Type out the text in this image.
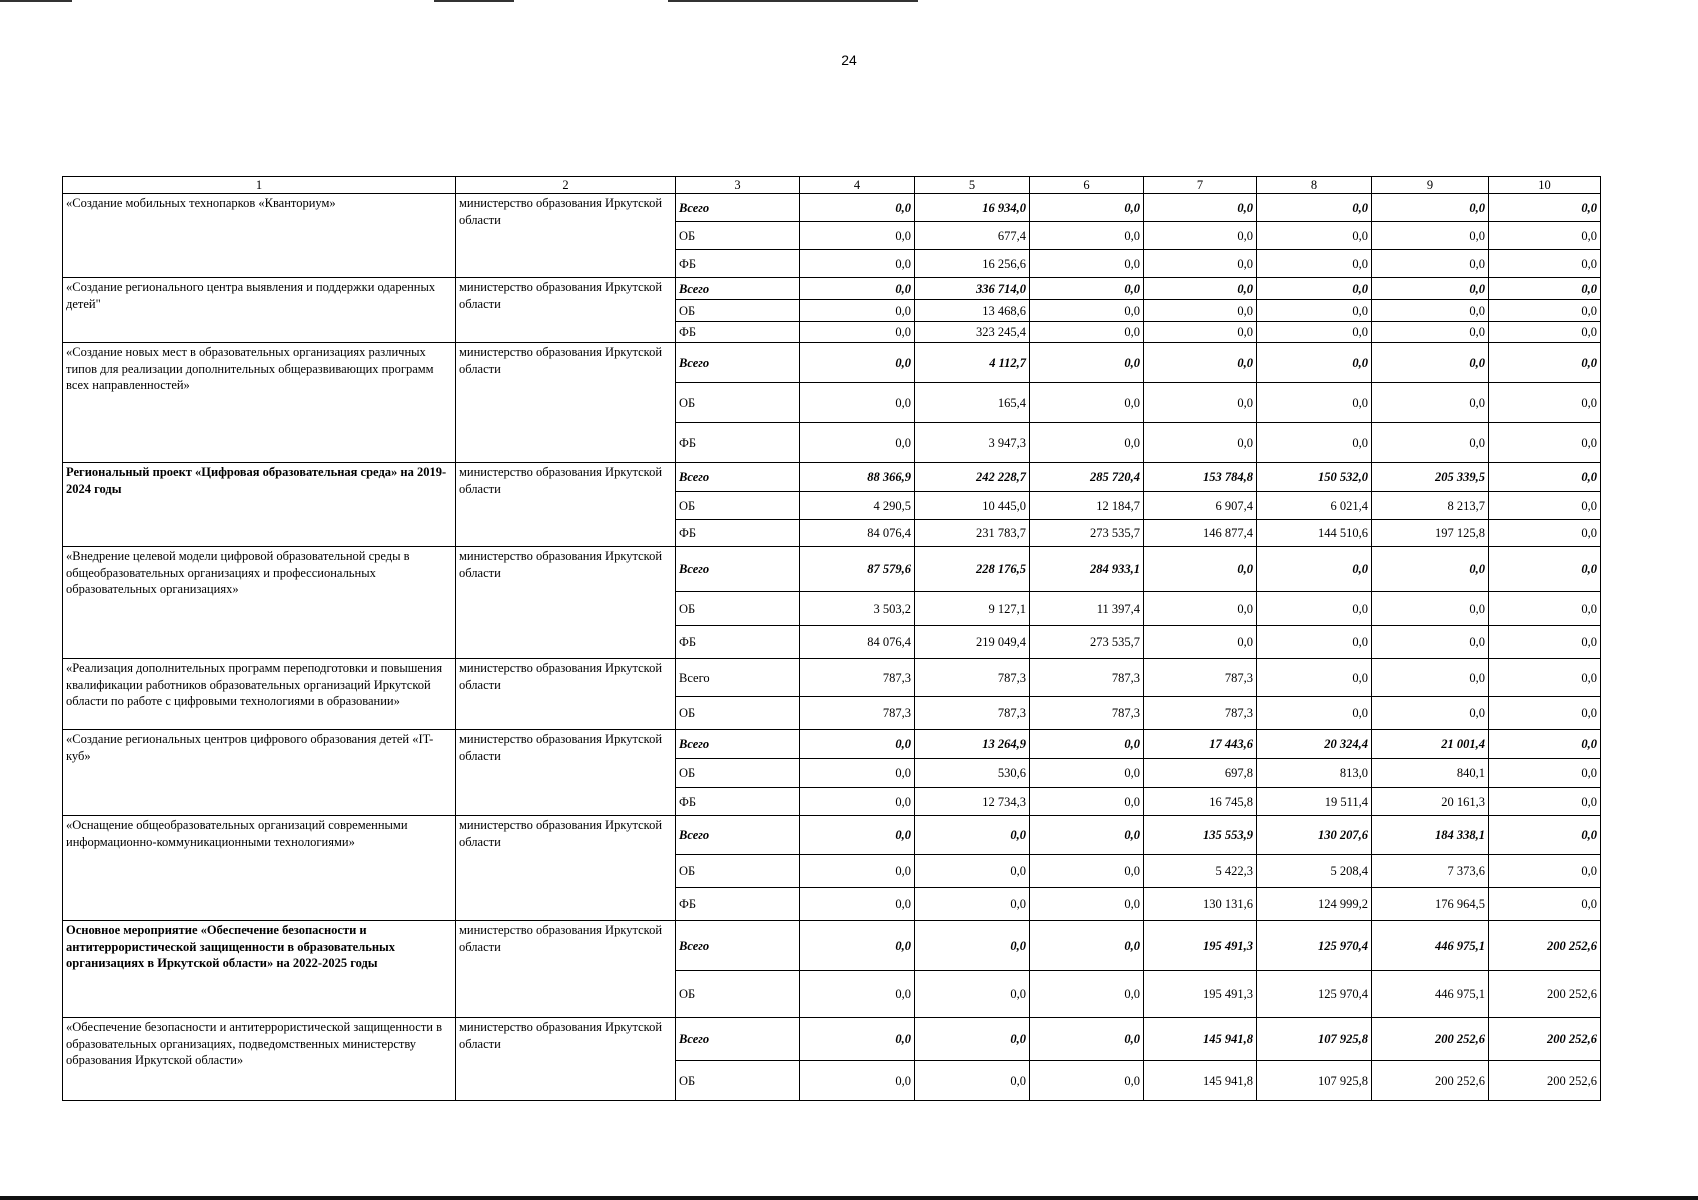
24
1	2	3	4	5	6	7	8	9	10
«Создание мобильных технопарков «Кванториум»	министерство образования Иркутской области	Всего	0,0	16 934,0	0,0	0,0	0,0	0,0	0,0
		ОБ	0,0	677,4	0,0	0,0	0,0	0,0	0,0
		ФБ	0,0	16 256,6	0,0	0,0	0,0	0,0	0,0
«Создание регионального центра выявления и поддержки одаренных детей"	министерство образования Иркутской области	Всего	0,0	336 714,0	0,0	0,0	0,0	0,0	0,0
		ОБ	0,0	13 468,6	0,0	0,0	0,0	0,0	0,0
		ФБ	0,0	323 245,4	0,0	0,0	0,0	0,0	0,0
«Создание новых мест в образовательных организациях различных типов для реализации дополнительных общеразвивающих программ всех направленностей»	министерство образования Иркутской области	Всего	0,0	4 112,7	0,0	0,0	0,0	0,0	0,0
		ОБ	0,0	165,4	0,0	0,0	0,0	0,0	0,0
		ФБ	0,0	3 947,3	0,0	0,0	0,0	0,0	0,0
Региональный проект «Цифровая образовательная среда» на 2019-2024 годы	министерство образования Иркутской области	Всего	88 366,9	242 228,7	285 720,4	153 784,8	150 532,0	205 339,5	0,0
		ОБ	4 290,5	10 445,0	12 184,7	6 907,4	6 021,4	8 213,7	0,0
		ФБ	84 076,4	231 783,7	273 535,7	146 877,4	144 510,6	197 125,8	0,0
«Внедрение целевой модели цифровой образовательной среды в общеобразовательных организациях и профессиональных образовательных организациях»	министерство образования Иркутской области	Всего	87 579,6	228 176,5	284 933,1	0,0	0,0	0,0	0,0
		ОБ	3 503,2	9 127,1	11 397,4	0,0	0,0	0,0	0,0
		ФБ	84 076,4	219 049,4	273 535,7	0,0	0,0	0,0	0,0
«Реализация дополнительных программ переподготовки и повышения квалификации работников образовательных организаций Иркутской области по работе с цифровыми технологиями в образовании»	министерство образования Иркутской области	Всего	787,3	787,3	787,3	787,3	0,0	0,0	0,0
		ОБ	787,3	787,3	787,3	787,3	0,0	0,0	0,0
«Создание региональных центров цифрового образования детей «IT-куб»	министерство образования Иркутской области	Всего	0,0	13 264,9	0,0	17 443,6	20 324,4	21 001,4	0,0
		ОБ	0,0	530,6	0,0	697,8	813,0	840,1	0,0
		ФБ	0,0	12 734,3	0,0	16 745,8	19 511,4	20 161,3	0,0
«Оснащение общеобразовательных организаций современными информационно-коммуникационными технологиями»	министерство образования Иркутской области	Всего	0,0	0,0	0,0	135 553,9	130 207,6	184 338,1	0,0
		ОБ	0,0	0,0	0,0	5 422,3	5 208,4	7 373,6	0,0
		ФБ	0,0	0,0	0,0	130 131,6	124 999,2	176 964,5	0,0
Основное мероприятие «Обеспечение безопасности и антитеррористической защищенности в образовательных организациях в Иркутской области» на 2022-2025 годы	министерство образования Иркутской области	Всего	0,0	0,0	0,0	195 491,3	125 970,4	446 975,1	200 252,6
		ОБ	0,0	0,0	0,0	195 491,3	125 970,4	446 975,1	200 252,6
«Обеспечение безопасности и антитеррористической защищенности в образовательных организациях, подведомственных министерству образования Иркутской области»	министерство образования Иркутской области	Всего	0,0	0,0	0,0	145 941,8	107 925,8	200 252,6	200 252,6
		ОБ	0,0	0,0	0,0	145 941,8	107 925,8	200 252,6	200 252,6
